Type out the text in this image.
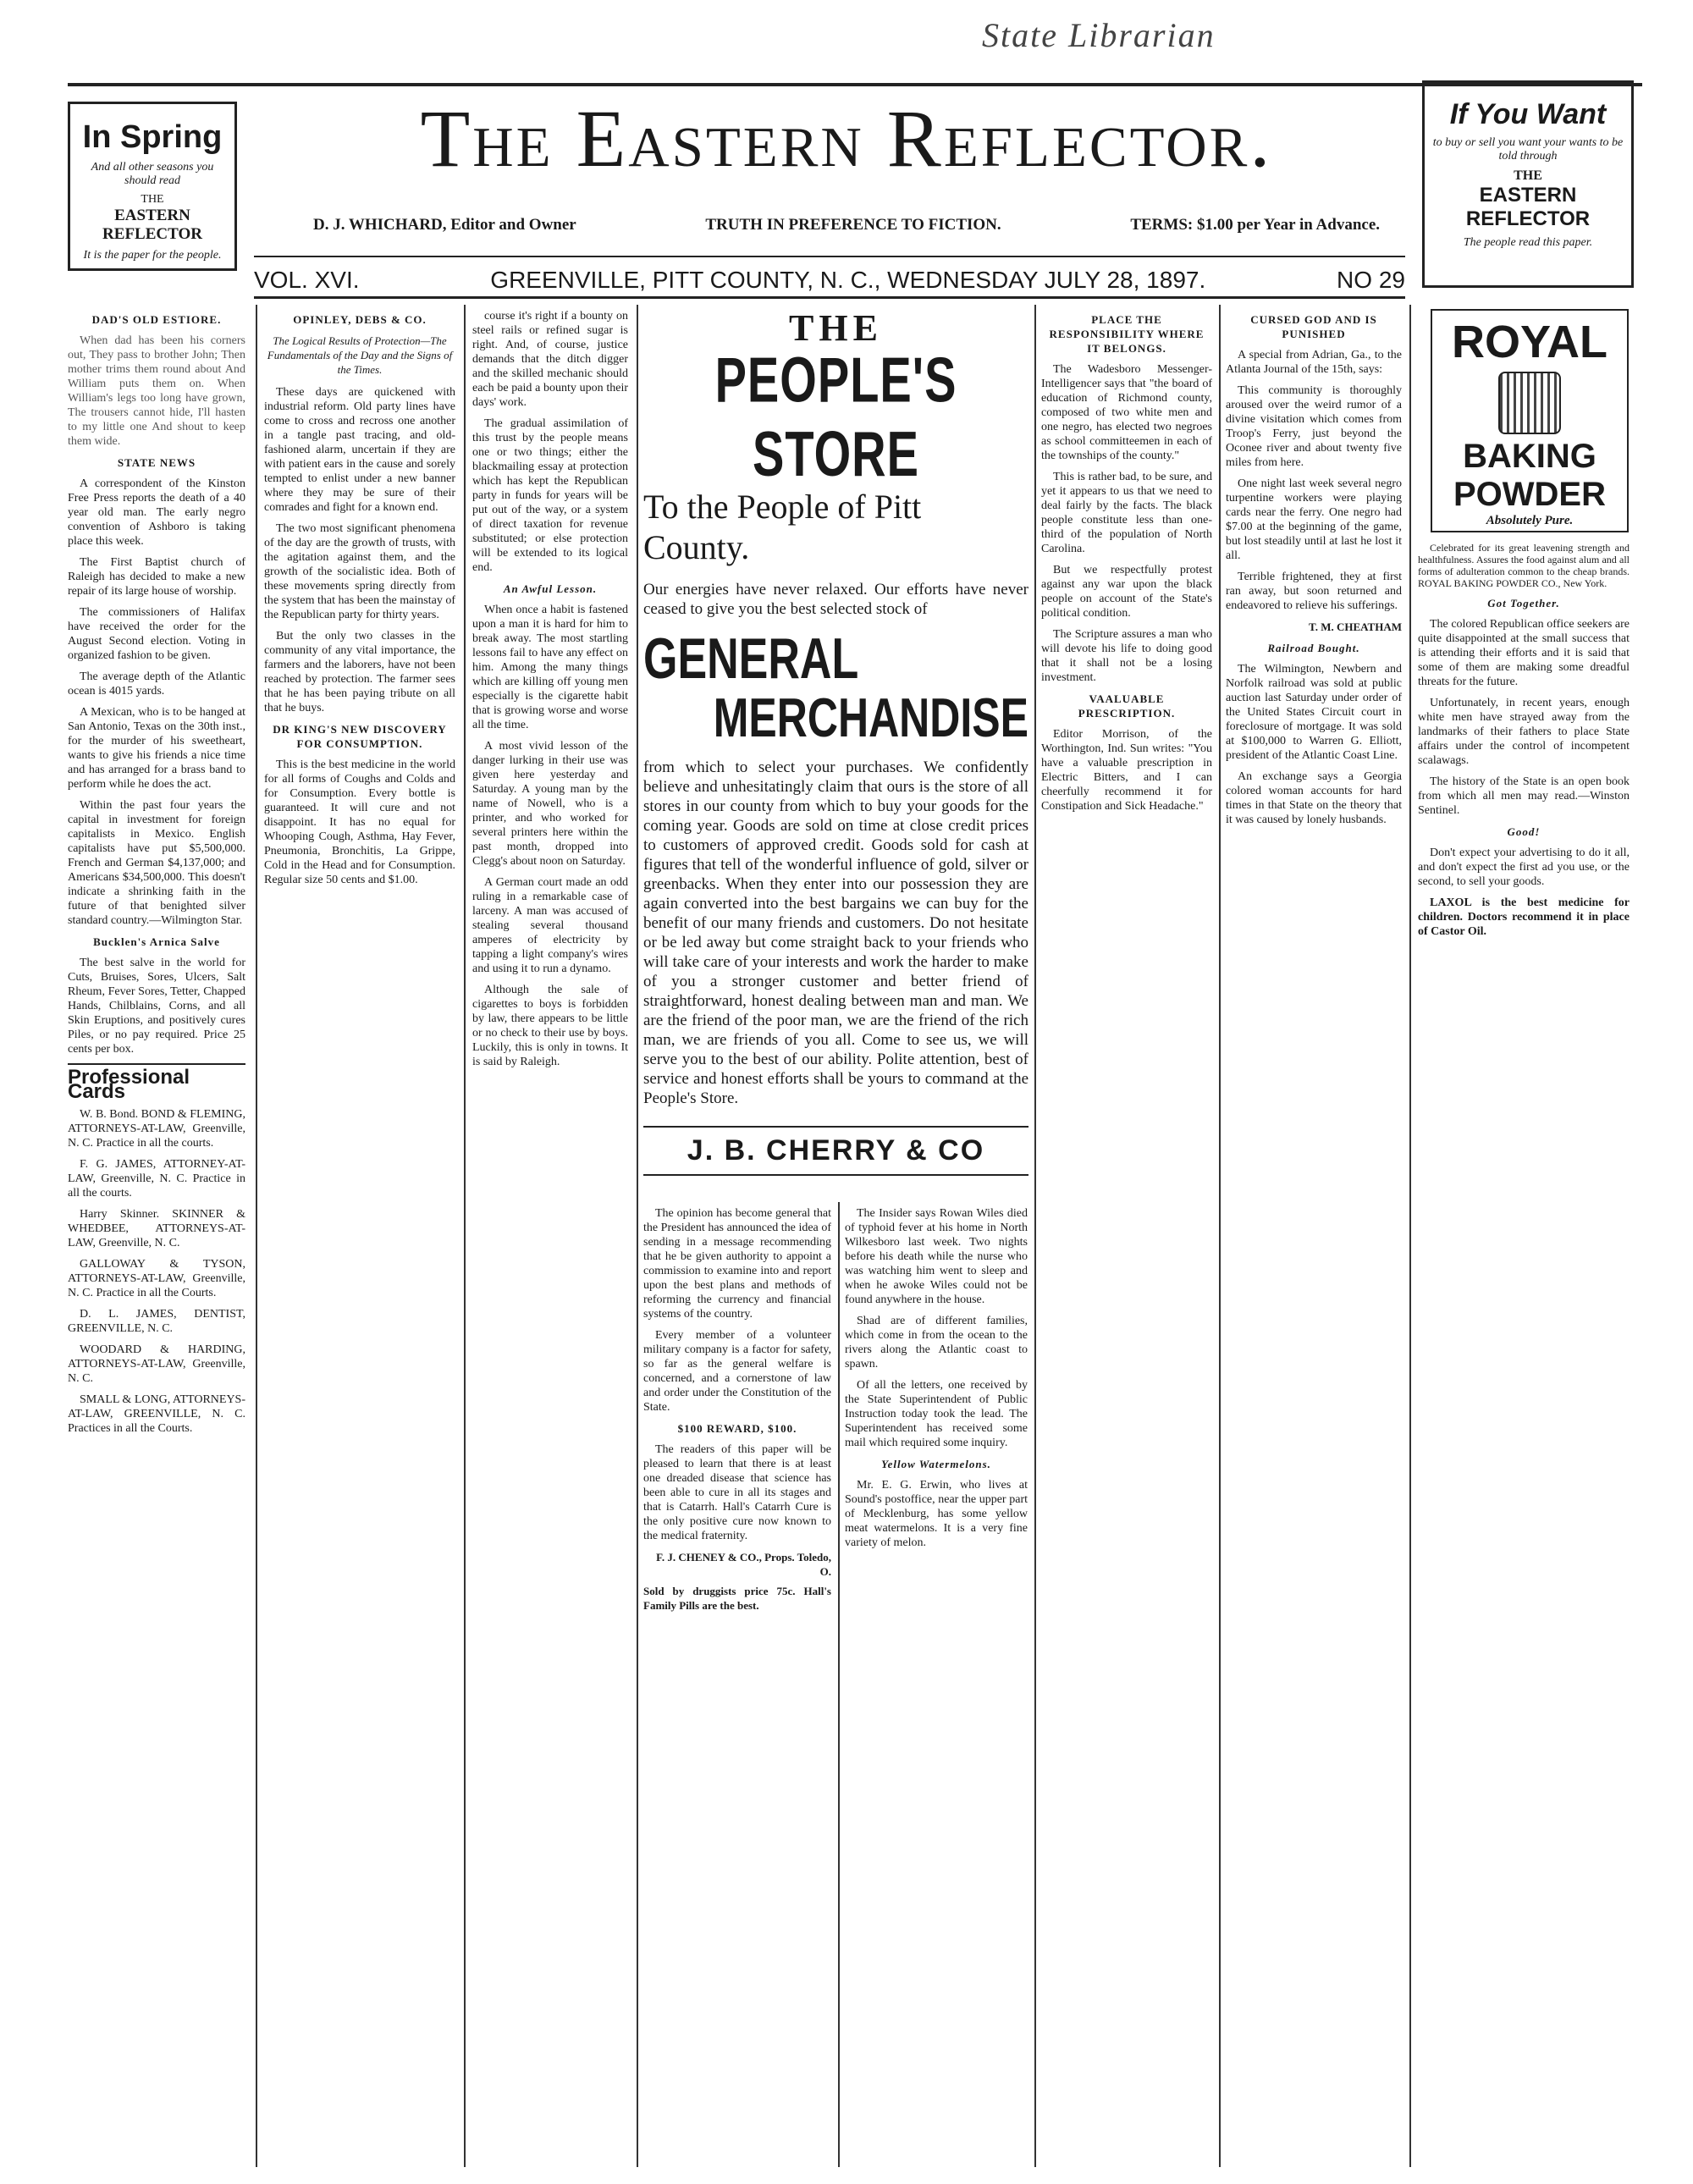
State Librarian
In Spring
And all other seasons you should read
THE
EASTERN REFLECTOR
It is the paper for the people.
If You Want
to buy or sell you want your wants to be told through
THE
EASTERN REFLECTOR
The people read this paper.
The Eastern Reflector.
D. J. WHICHARD, Editor and Owner	TRUTH IN PREFERENCE TO FICTION.	TERMS: $1.00 per Year in Advance.
VOL. XVI.	GREENVILLE, PITT COUNTY, N. C., WEDNESDAY JULY 28, 1897.	NO 29
DAD'S OLD ESTIORE.

When dad has been his corners out, They pass to brother John; Then mother trims them round about And William puts them on. When William's legs too long have grown, The trousers cannot hide, I'll hasten to my little one And shout to keep them wide.

STATE NEWS

A correspondent of the Kinston Free Press reports the death of a 40 year old man. The early negro convention of Ashboro is taking place this week.

The First Baptist church of Raleigh has decided to make a new repair of its large house of worship.

The commissioners of Halifax have received the order for the August Second election. Voting in organized fashion to be given.

The average depth of the Atlantic ocean is 4015 yards.

A Mexican, who is to be hanged at San Antonio, Texas on the 30th inst., for the murder of his sweetheart, wants to give his friends a nice time and has arranged for a brass band to perform while he does the act.

Within the past four years the capital in investment for foreign capitalists in Mexico. English capitalists have put $5,500,000. French and German $4,137,000; and Americans $34,500,000. This doesn't indicate a shrinking faith in the future of that benighted silver standard country.—Wilmington Star.

Bucklen's Arnica Salve

The best salve in the world for Cuts, Bruises, Sores, Ulcers, Salt Rheum, Fever Sores, Tetter, Chapped Hands, Chilblains, Corns, and all Skin Eruptions, and positively cures Piles, or no pay required. Price 25 cents per box.

Professional Cards

W. B. Bond. BOND & FLEMING, ATTORNEYS-AT-LAW, Greenville, N. C. Practice in all the courts.

F. G. JAMES, ATTORNEY-AT-LAW, Greenville, N. C. Practice in all the courts.

Harry Skinner. SKINNER & WHEDBEE, ATTORNEYS-AT-LAW, Greenville, N. C.

GALLOWAY & TYSON, ATTORNEYS-AT-LAW, Greenville, N. C. Practice in all the Courts.

D. L. JAMES, DENTIST, GREENVILLE, N. C.

WOODARD & HARDING, ATTORNEYS-AT-LAW, Greenville, N. C.

SMALL & LONG, ATTORNEYS-AT-LAW, GREENVILLE, N. C. Practices in all the Courts.

OPINLEY, DEBS & CO.
The Logical Results of Protection—The Fundamentals of the Day and the Signs of the Times.

These days are quickened with industrial reform. Old party lines have come to cross and recross one another in a tangle past tracing, and old-fashioned alarm, uncertain if they are with patient ears in the cause and sorely tempted to enlist under a new banner where they may be sure of their comrades and fight for a known end.

The two most significant phenomena of the day are the growth of trusts, with the agitation against them, and the growth of the socialistic idea. Both of these movements spring directly from the system that has been the mainstay of the Republican party for thirty years.

But the only two classes in the community of any vital importance, the farmers and the laborers, have not been reached by protection. The farmer sees that he has been paying tribute on all that he buys.

DR KING'S NEW DISCOVERY FOR CONSUMPTION.

This is the best medicine in the world for all forms of Coughs and Colds and for Consumption. Every bottle is guaranteed. It will cure and not disappoint. It has no equal for Whooping Cough, Asthma, Hay Fever, Pneumonia, Bronchitis, La Grippe, Cold in the Head and for Consumption. Regular size 50 cents and $1.00.

course it's right if a bounty on steel rails or refined sugar is right. And, of course, justice demands that the ditch digger and the skilled mechanic should each be paid a bounty upon their days' work.

The gradual assimilation of this trust by the people means one or two things; either the blackmailing essay at protection which has kept the Republican party in funds for years will be put out of the way, or a system of direct taxation for revenue substituted; or else protection will be extended to its logical end.

An Awful Lesson.

When once a habit is fastened upon a man it is hard for him to break away. The most startling lessons fail to have any effect on him. Among the many things which are killing off young men especially is the cigarette habit that is growing worse and worse all the time.

A most vivid lesson of the danger lurking in their use was given here yesterday and Saturday. A young man by the name of Nowell, who is a printer, and who worked for several printers here within the past month, dropped into Clegg's about noon on Saturday.

A German court made an odd ruling in a remarkable case of larceny. A man was accused of stealing several thousand amperes of electricity by tapping a light company's wires and using it to run a dynamo.

Although the sale of cigarettes to boys is forbidden by law, there appears to be little or no check to their use by boys. Luckily, this is only in towns. It is said by Raleigh.

THE
PEOPLE'S STORE
To the People of Pitt County.
Our energies have never relaxed. Our efforts have never ceased to give you the best selected stock of
GENERAL
MERCHANDISE
from which to select your purchases. We confidently believe and unhesitatingly claim that ours is the store of all stores in our county from which to buy your goods for the coming year. Goods are sold on time at close credit prices to customers of approved credit. Goods sold for cash at figures that tell of the wonderful influence of gold, silver or greenbacks. When they enter into our possession they are again converted into the best bargains we can buy for the benefit of our many friends and customers. Do not hesitate or be led away but come straight back to your friends who will take care of your interests and work the harder to make of you a stronger customer and better friend of straightforward, honest dealing between man and man. We are the friend of the poor man, we are the friend of the rich man, we are friends of you all. Come to see us, we will serve you to the best of our ability. Polite attention, best of service and honest efforts shall be yours to command at the People's Store.
J. B. CHERRY & CO

The opinion has become general that the President has announced the idea of sending in a message recommending that he be given authority to appoint a commission to examine into and report upon the best plans and methods of reforming the currency and financial systems of the country.

Every member of a volunteer military company is a factor for safety, so far as the general welfare is concerned, and a cornerstone of law and order under the Constitution of the State.

$100 REWARD, $100.

The readers of this paper will be pleased to learn that there is at least one dreaded disease that science has been able to cure in all its stages and that is Catarrh. Hall's Catarrh Cure is the only positive cure now known to the medical fraternity.

F. J. CHENEY & CO., Props. Toledo, O.
Sold by druggists price 75c. Hall's Family Pills are the best.

The Insider says Rowan Wiles died of typhoid fever at his home in North Wilkesboro last week. Two nights before his death while the nurse who was watching him went to sleep and when he awoke Wiles could not be found anywhere in the house.

Shad are of different families, which come in from the ocean to the rivers along the Atlantic coast to spawn.

Of all the letters, one received by the State Superintendent of Public Instruction today took the lead. The Superintendent has received some mail which required some inquiry.

Yellow Watermelons.

Mr. E. G. Erwin, who lives at Sound's postoffice, near the upper part of Mecklenburg, has some yellow meat watermelons. It is a very fine variety of melon.

PLACE THE RESPONSIBILITY WHERE IT BELONGS.

The Wadesboro Messenger-Intelligencer says that "the board of education of Richmond county, composed of two white men and one negro, has elected two negroes as school committeemen in each of the townships of the county."

This is rather bad, to be sure, and yet it appears to us that we need to deal fairly by the facts. The black people constitute less than one-third of the population of North Carolina.

But we respectfully protest against any war upon the black people on account of the State's political condition.

The Scripture assures a man who will devote his life to doing good that it shall not be a losing investment.

VAALUABLE PRESCRIPTION.

Editor Morrison, of the Worthington, Ind. Sun writes: "You have a valuable prescription in Electric Bitters, and I can cheerfully recommend it for Constipation and Sick Headache."

CURSED GOD AND IS PUNISHED

A special from Adrian, Ga., to the Atlanta Journal of the 15th, says:

This community is thoroughly aroused over the weird rumor of a divine visitation which comes from Troop's Ferry, just beyond the Oconee river and about twenty five miles from here.

One night last week several negro turpentine workers were playing cards near the ferry. One negro had $7.00 at the beginning of the game, but lost steadily until at last he lost it all.

Terrible frightened, they at first ran away, but soon returned and endeavored to relieve his sufferings.

T. M. CHEATHAM
Railroad Bought.

The Wilmington, Newbern and Norfolk railroad was sold at public auction last Saturday under order of the United States Circuit court in foreclosure of mortgage. It was sold at $100,000 to Warren G. Elliott, president of the Atlantic Coast Line.

An exchange says a Georgia colored woman accounts for hard times in that State on the theory that it was caused by lonely husbands.

ROYAL
BAKING
POWDER
Absolutely Pure.

Celebrated for its great leavening strength and healthfulness. Assures the food against alum and all forms of adulteration common to the cheap brands. ROYAL BAKING POWDER CO., New York.

Got Together.

The colored Republican office seekers are quite disappointed at the small success that is attending their efforts and it is said that some of them are making some dreadful threats for the future.

Unfortunately, in recent years, enough white men have strayed away from the landmarks of their fathers to place State affairs under the control of incompetent scalawags.

The history of the State is an open book from which all men may read.—Winston Sentinel.

Good!

Don't expect your advertising to do it all, and don't expect the first ad you use, or the second, to sell your goods.

LAXOL is the best medicine for children. Doctors recommend it in place of Castor Oil.
